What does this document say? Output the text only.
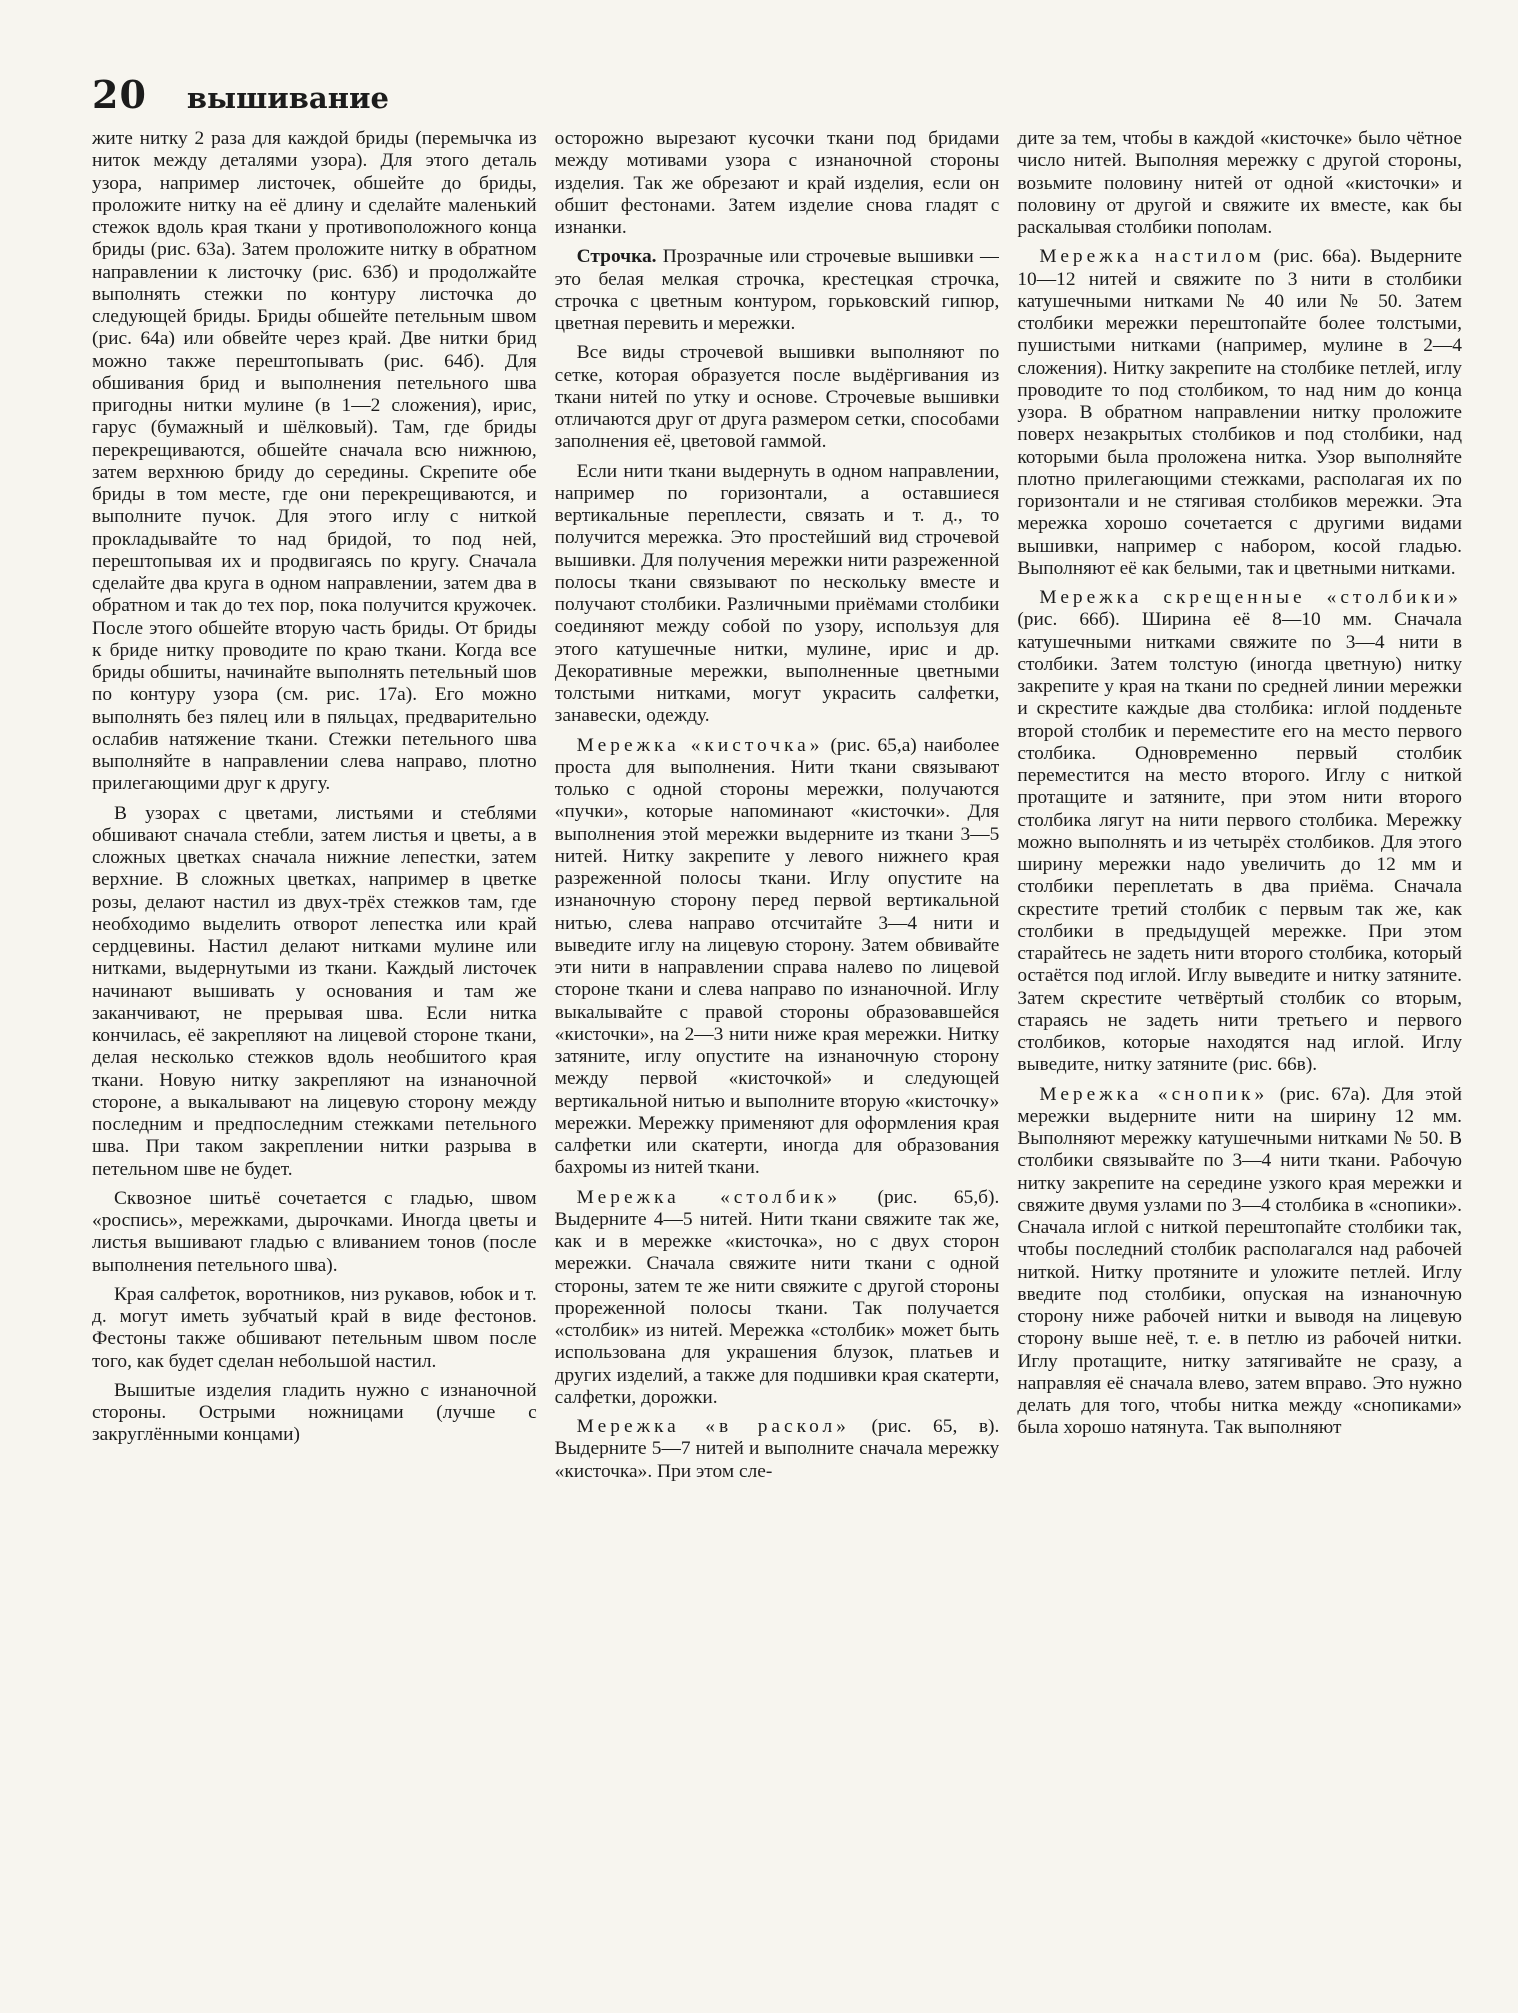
20 вышивание

жите нитку 2 раза для каждой бриды (перемычка из ниток между деталями узора). Для этого деталь узора, например листочек, обшейте до бриды, проложите нитку на её длину и сделайте маленький стежок вдоль края ткани у противоположного конца бриды (рис. 63а). Затем проложите нитку в обратном направлении к листочку (рис. 63б) и продолжайте выполнять стежки по контуру листочка до следующей бриды. Бриды обшейте петельным швом (рис. 64а) или обвейте через край. Две нитки брид можно также перештопывать (рис. 64б). Для обшивания брид и выполнения петельного шва пригодны нитки мулине (в 1—2 сложения), ирис, гарус (бумажный и шёлковый). Там, где бриды перекрещиваются, обшейте сначала всю нижнюю, затем верхнюю бриду до середины. Скрепите обе бриды в том месте, где они перекрещиваются, и выполните пучок. Для этого иглу с ниткой прокладывайте то над бридой, то под ней, перештопывая их и продвигаясь по кругу. Сначала сделайте два круга в одном направлении, затем два в обратном и так до тех пор, пока получится кружочек. После этого обшейте вторую часть бриды. От бриды к бриде нитку проводите по краю ткани. Когда все бриды обшиты, начинайте выполнять петельный шов по контуру узора (см. рис. 17а). Его можно выполнять без пялец или в пяльцах, предварительно ослабив натяжение ткани. Стежки петельного шва выполняйте в направлении слева направо, плотно прилегающими друг к другу.

В узорах с цветами, листьями и стеблями обшивают сначала стебли, затем листья и цветы, а в сложных цветках сначала нижние лепестки, затем верхние. В сложных цветках, например в цветке розы, делают настил из двух-трёх стежков там, где необходимо выделить отворот лепестка или край сердцевины. Настил делают нитками мулине или нитками, выдернутыми из ткани. Каждый листочек начинают вышивать у основания и там же заканчивают, не прерывая шва. Если нитка кончилась, её закрепляют на лицевой стороне ткани, делая несколько стежков вдоль необшитого края ткани. Новую нитку закрепляют на изнаночной стороне, а выкалывают на лицевую сторону между последним и предпоследним стежками петельного шва. При таком закреплении нитки разрыва в петельном шве не будет.

Сквозное шитьё сочетается с гладью, швом «роспись», мережками, дырочками. Иногда цветы и листья вышивают гладью с вливанием тонов (после выполнения петельного шва).

Края салфеток, воротников, низ рукавов, юбок и т. д. могут иметь зубчатый край в виде фестонов. Фестоны также обшивают петельным швом после того, как будет сделан небольшой настил.

Вышитые изделия гладить нужно с изнаночной стороны. Острыми ножницами (лучше с закруглёнными концами)

осторожно вырезают кусочки ткани под бридами между мотивами узора с изнаночной стороны изделия. Так же обрезают и край изделия, если он обшит фестонами. Затем изделие снова гладят с изнанки.

Строчка. Прозрачные или строчевые вышивки — это белая мелкая строчка, крестецкая строчка, строчка с цветным контуром, горьковский гипюр, цветная перевить и мережки.

Все виды строчевой вышивки выполняют по сетке, которая образуется после выдёргивания из ткани нитей по утку и основе. Строчевые вышивки отличаются друг от друга размером сетки, способами заполнения её, цветовой гаммой.

Если нити ткани выдернуть в одном направлении, например по горизонтали, а оставшиеся вертикальные переплести, связать и т. д., то получится мережка. Это простейший вид строчевой вышивки. Для получения мережки нити разреженной полосы ткани связывают по нескольку вместе и получают столбики. Различными приёмами столбики соединяют между собой по узору, используя для этого катушечные нитки, мулине, ирис и др. Декоративные мережки, выполненные цветными толстыми нитками, могут украсить салфетки, занавески, одежду.

Мережка «кисточка» (рис. 65,а) наиболее проста для выполнения. Нити ткани связывают только с одной стороны мережки, получаются «пучки», которые напоминают «кисточки». Для выполнения этой мережки выдерните из ткани 3—5 нитей. Нитку закрепите у левого нижнего края разреженной полосы ткани. Иглу опустите на изнаночную сторону перед первой вертикальной нитью, слева направо отсчитайте 3—4 нити и выведите иглу на лицевую сторону. Затем обвивайте эти нити в направлении справа налево по лицевой стороне ткани и слева направо по изнаночной. Иглу выкалывайте с правой стороны образовавшейся «кисточки», на 2—3 нити ниже края мережки. Нитку затяните, иглу опустите на изнаночную сторону между первой «кисточкой» и следующей вертикальной нитью и выполните вторую «кисточку» мережки. Мережку применяют для оформления края салфетки или скатерти, иногда для образования бахромы из нитей ткани.

Мережка «столбик» (рис. 65,б). Выдерните 4—5 нитей. Нити ткани свяжите так же, как и в мережке «кисточка», но с двух сторон мережки. Сначала свяжите нити ткани с одной стороны, затем те же нити свяжите с другой стороны прореженной полосы ткани. Так получается «столбик» из нитей. Мережка «столбик» может быть использована для украшения блузок, платьев и других изделий, а также для подшивки края скатерти, салфетки, дорожки.

Мережка «в раскол» (рис. 65, в). Выдерните 5—7 нитей и выполните сначала мережку «кисточка». При этом сле-

дите за тем, чтобы в каждой «кисточке» было чётное число нитей. Выполняя мережку с другой стороны, возьмите половину нитей от одной «кисточки» и половину от другой и свяжите их вместе, как бы раскалывая столбики пополам.

Мережка настилом (рис. 66а). Выдерните 10—12 нитей и свяжите по 3 нити в столбики катушечными нитками № 40 или № 50. Затем столбики мережки перештопайте более толстыми, пушистыми нитками (например, мулине в 2—4 сложения). Нитку закрепите на столбике петлей, иглу проводите то под столбиком, то над ним до конца узора. В обратном направлении нитку проложите поверх незакрытых столбиков и под столбики, над которыми была проложена нитка. Узор выполняйте плотно прилегающими стежками, располагая их по горизонтали и не стягивая столбиков мережки. Эта мережка хорошо сочетается с другими видами вышивки, например с набором, косой гладью. Выполняют её как белыми, так и цветными нитками.

Мережка скрещенные «столбики» (рис. 66б). Ширина её 8—10 мм. Сначала катушечными нитками свяжите по 3—4 нити в столбики. Затем толстую (иногда цветную) нитку закрепите у края на ткани по средней линии мережки и скрестите каждые два столбика: иглой подденьте второй столбик и переместите его на место первого столбика. Одновременно первый столбик переместится на место второго. Иглу с ниткой протащите и затяните, при этом нити второго столбика лягут на нити первого столбика. Мережку можно выполнять и из четырёх столбиков. Для этого ширину мережки надо увеличить до 12 мм и столбики переплетать в два приёма. Сначала скрестите третий столбик с первым так же, как столбики в предыдущей мережке. При этом старайтесь не задеть нити второго столбика, который остаётся под иглой. Иглу выведите и нитку затяните. Затем скрестите четвёртый столбик со вторым, стараясь не задеть нити третьего и первого столбиков, которые находятся над иглой. Иглу выведите, нитку затяните (рис. 66в).

Мережка «снопик» (рис. 67а). Для этой мережки выдерните нити на ширину 12 мм. Выполняют мережку катушечными нитками № 50. В столбики связывайте по 3—4 нити ткани. Рабочую нитку закрепите на середине узкого края мережки и свяжите двумя узлами по 3—4 столбика в «снопики». Сначала иглой с ниткой перештопайте столбики так, чтобы последний столбик располагался над рабочей ниткой. Нитку протяните и уложите петлей. Иглу введите под столбики, опуская на изнаночную сторону ниже рабочей нитки и выводя на лицевую сторону выше неё, т. е. в петлю из рабочей нитки. Иглу протащите, нитку затягивайте не сразу, а направляя её сначала влево, затем вправо. Это нужно делать для того, чтобы нитка между «снопиками» была хорошо натянута. Так выполняют
